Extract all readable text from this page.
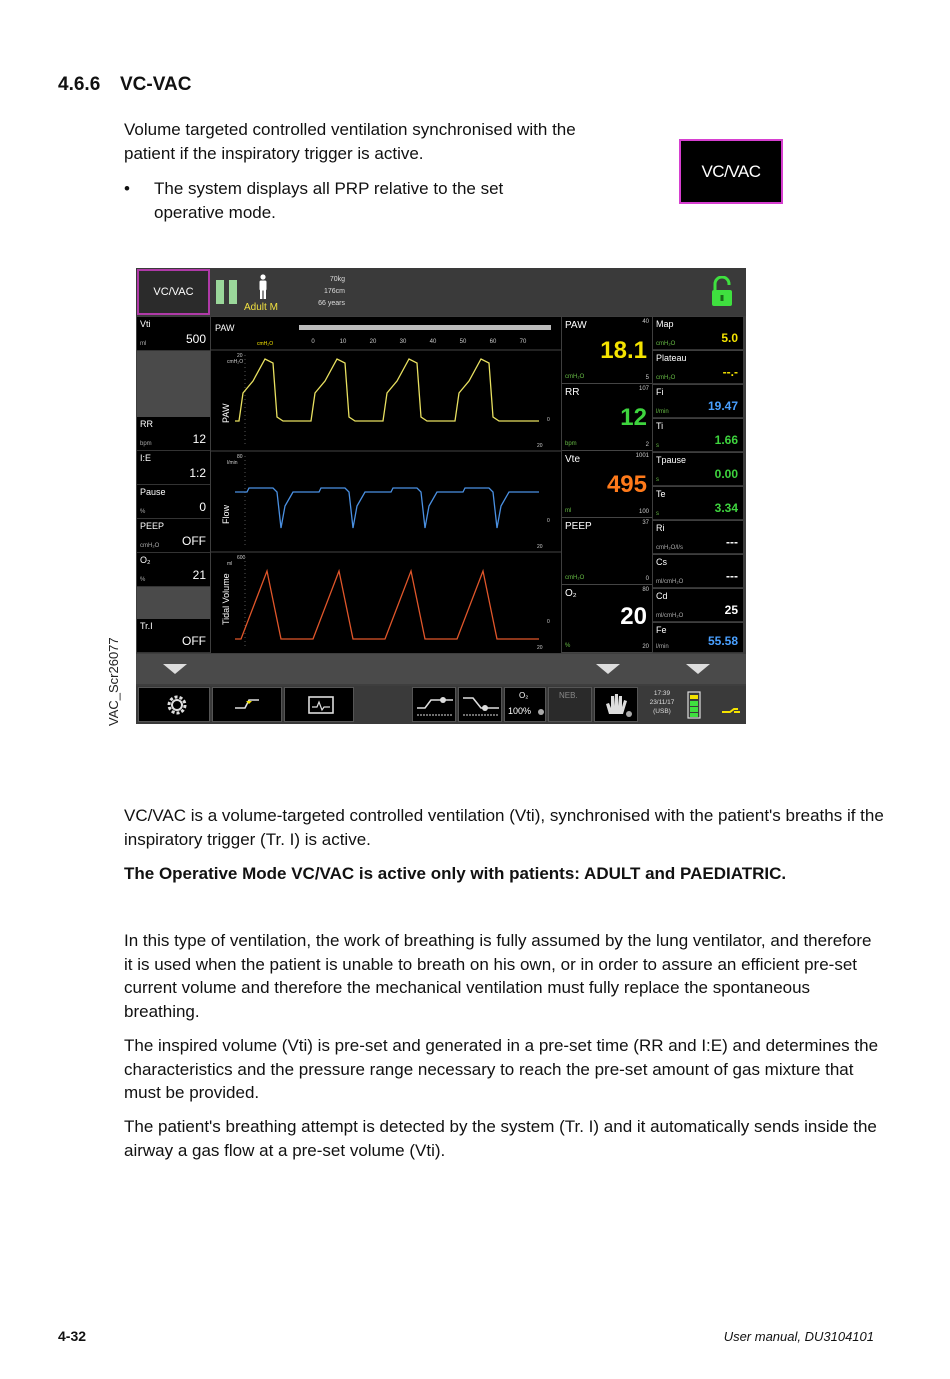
4.6.6 VC-VAC
Volume targeted controlled ventilation synchronised with the patient if the inspiratory trigger is active.
• The system displays all PRP relative to the set operative mode.
VC/VAC
VAC_Scr26077
VC/VAC
Adult M
70kg
176cm
66 years
Vti
ml	500
RR
bpm	12
I:E
1:2
Pause
%	0
PEEP
cmH₂O OFF
O₂
%	21
Tr.I
OFF
PAW
cmH₂O	0	10	20	30	40	50	60	70
PAW
20
cmH₂O
0
20
Flow
80
l/min
0
20
Tidal Volume
600
ml
0
20
PAW	40
18.1
cmH₂O	5
RR	107
12
bpm	2
Vte	1001
495
ml	100
PEEP	37
cmH₂O	0
O₂	80
20
%	20
Map
cmH₂O	5.0
Plateau
cmH₂O	--.-
Fi
l/min	19.47
Ti
s	1.66
Tpause
s	0.00
Te
s	3.34
Ri
cmH₂O/l/s	---
Cs
ml/cmH₂O	---
Cd
ml/cmH₂O	25
Fe
l/min	55.58
O₂
100%
NEB.	17:39
23/11/17
(USB)
VC/VAC is a volume-targeted controlled ventilation (Vti), synchronised with the patient's breaths if the inspiratory trigger (Tr. I) is active.
The Operative Mode VC/VAC is active only with patients: ADULT and PAEDIATRIC.
In this type of ventilation, the work of breathing is fully assumed by the lung ventilator, and therefore it is used when the patient is unable to breath on his own, or in order to assure an efficient pre-set current volume and therefore the mechanical ventilation must fully replace the spontaneous breathing.
The inspired volume (Vti) is pre-set and generated in a pre-set time (RR and I:E) and determines the characteristics and the pressure range necessary to reach the pre-set amount of gas mixture that must be provided.
The patient's breathing attempt is detected by the system (Tr. I) and it automatically sends inside the airway a gas flow at a pre-set volume (Vti).
4-32	User manual, DU3104101
